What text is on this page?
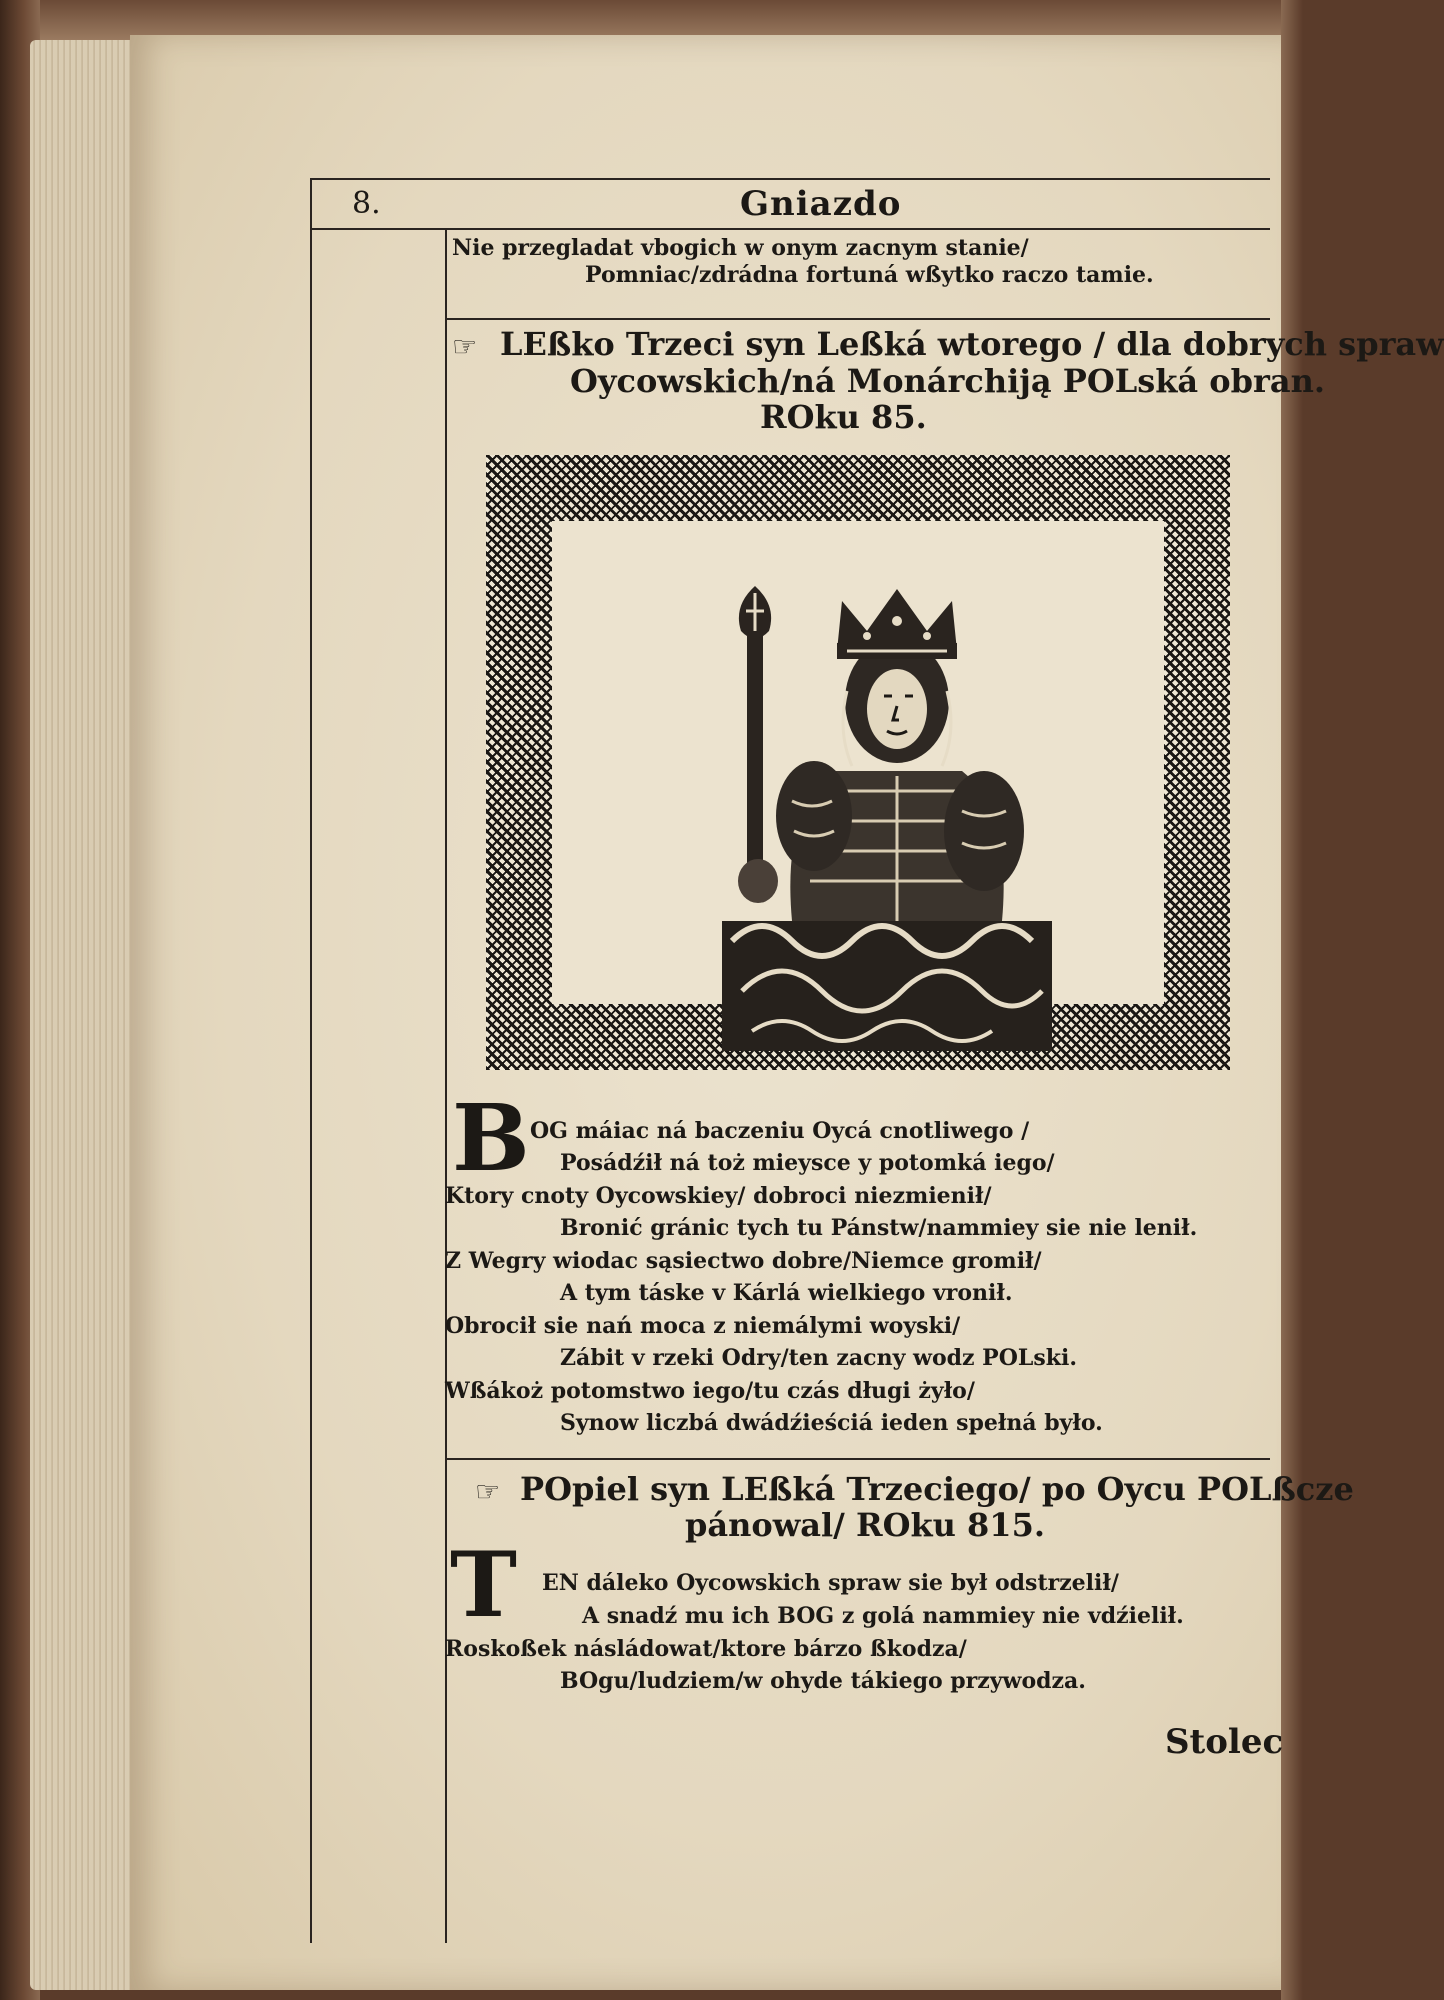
8.	Gniazdo
Nie przegladat vbogich w onym zacnym stanie/
Pomniac/zdrádna fortuná wßytko raczo tamie.
☞ LEßko Trzeci syn Leßká wtorego / dla dobrych spraw
Oycowskich/ná Monárchiją POLská obran.
ROku 85.
B OG máiac ná baczeniu Oycá cnotliwego /
Posádźił ná toż mieysce y potomká iego/
Ktory cnoty Oycowskiey/ dobroci niezmienił/
Bronić gránic tych tu Pánstw/nammiey sie nie lenił.
Z Wegry wiodac sąsiectwo dobre/Niemce gromił/
A tym táske v Kárlá wielkiego vronił.
Obrocił sie nań moca z niemálymi woyski/
Zábit v rzeki Odry/ten zacny wodz POLski.
Wßákoż potomstwo iego/tu czás długi żyło/
Synow liczbá dwádźieściá ieden spełná było.
☞ POpiel syn LEßká Trzeciego/ po Oycu POLßcze
pánowal/ ROku 815.
T EN dáleko Oycowskich spraw sie był odstrzelił/
A snadź mu ich BOG z golá nammiey nie vdźielił.
Roskoßek násládowat/ktore bárzo ßkodza/
BOgu/ludziem/w ohyde tákiego przywodza.
Stolec
